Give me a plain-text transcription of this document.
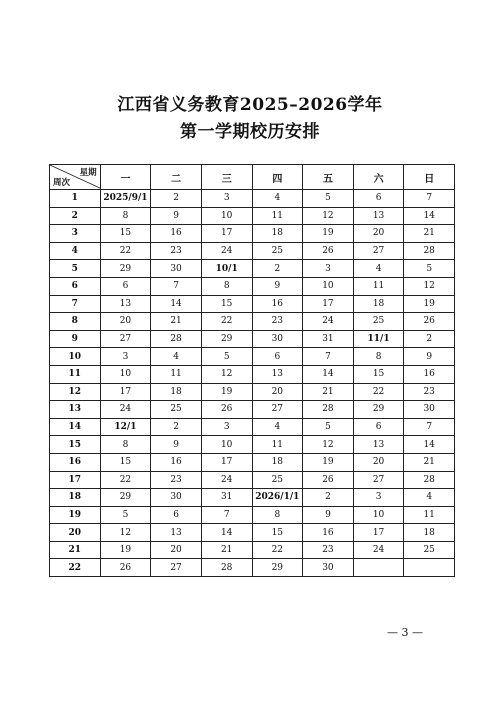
江西省义务教育2025–2026学年
第一学期校历安排
星期
周次	一	二	三	四	五	六	日
1	2025/9/1	2	3	4	5	6	7
2	8	9	10	11	12	13	14
3	15	16	17	18	19	20	21
4	22	23	24	25	26	27	28
5	29	30	10/1	2	3	4	5
6	6	7	8	9	10	11	12
7	13	14	15	16	17	18	19
8	20	21	22	23	24	25	26
9	27	28	29	30	31	11/1	2
10	3	4	5	6	7	8	9
11	10	11	12	13	14	15	16
12	17	18	19	20	21	22	23
13	24	25	26	27	28	29	30
14	12/1	2	3	4	5	6	7
15	8	9	10	11	12	13	14
16	15	16	17	18	19	20	21
17	22	23	24	25	26	27	28
18	29	30	31	2026/1/1	2	3	4
19	5	6	7	8	9	10	11
20	12	13	14	15	16	17	18
21	19	20	21	22	23	24	25
22	26	27	28	29	30		
— 3 —
